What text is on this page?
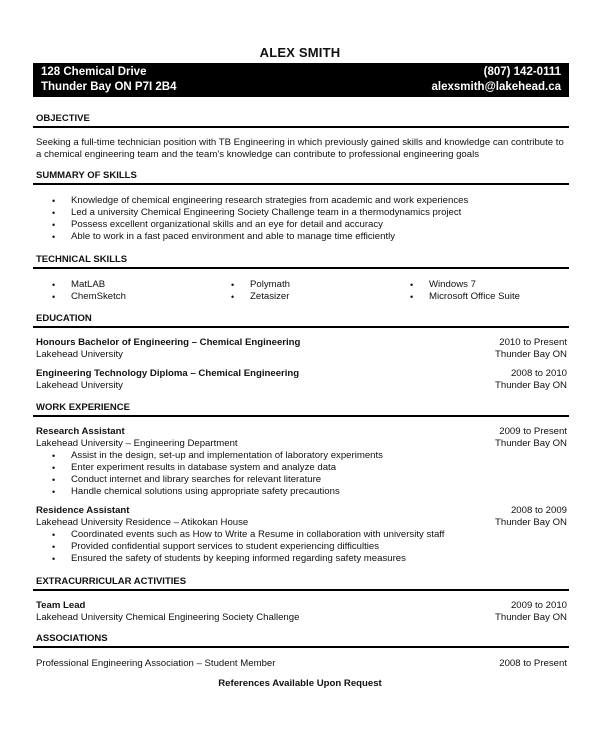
ALEX SMITH
128 Chemical Drive
Thunder Bay ON P7I 2B4
(807) 142-0111
alexsmith@lakehead.ca
OBJECTIVE
Seeking a full-time technician position with TB Engineering in which previously gained skills and knowledge can contribute to a chemical engineering team and the team’s knowledge can contribute to professional engineering goals
SUMMARY OF SKILLS
• Knowledge of chemical engineering research strategies from academic and work experiences
• Led a university Chemical Engineering Society Challenge team in a thermodynamics project
• Possess excellent organizational skills and an eye for detail and accuracy
• Able to work in a fast paced environment and able to manage time efficiently
TECHNICAL SKILLS
• MatLAB
• ChemSketch
• Polymath
• Zetasizer
• Windows 7
• Microsoft Office Suite
EDUCATION
Honours Bachelor of Engineering – Chemical Engineering	2010 to Present
Lakehead University	Thunder Bay ON
Engineering Technology Diploma – Chemical Engineering	2008 to 2010
Lakehead University	Thunder Bay ON
WORK EXPERIENCE
Research Assistant	2009 to Present
Lakehead University – Engineering Department	Thunder Bay ON
• Assist in the design, set-up and implementation of laboratory experiments
• Enter experiment results in database system and analyze data
• Conduct internet and library searches for relevant literature
• Handle chemical solutions using appropriate safety precautions
Residence Assistant	2008 to 2009
Lakehead University Residence – Atikokan House	Thunder Bay ON
• Coordinated events such as How to Write a Resume in collaboration with university staff
• Provided confidential support services to student experiencing difficulties
• Ensured the safety of students by keeping informed regarding safety measures
EXTRACURRICULAR ACTIVITIES
Team Lead	2009 to 2010
Lakehead University Chemical Engineering Society Challenge	Thunder Bay ON
ASSOCIATIONS
Professional Engineering Association – Student Member	2008 to Present
References Available Upon Request
